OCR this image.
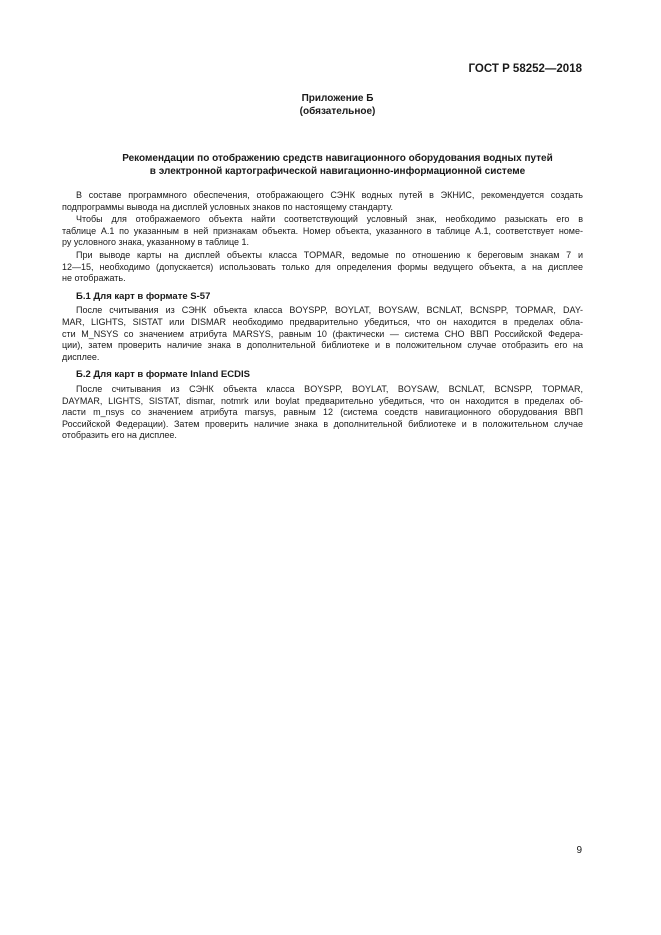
ГОСТ Р 58252—2018
Приложение Б
(обязательное)
Рекомендации по отображению средств навигационного оборудования водных путей
в электронной картографической навигационно-информационной системе
В составе программного обеспечения, отображающего СЭНК водных путей в ЭКНИС, рекомендуется создать
подпрограммы вывода на дисплей условных знаков по настоящему стандарту.
Чтобы для отображаемого объекта найти соответствующий условный знак, необходимо разыскать его в
таблице А.1 по указанным в ней признакам объекта. Номер объекта, указанного в таблице А.1, соответствует номе-
ру условного знака, указанному в таблице 1.
При выводе карты на дисплей объекты класса TOPMAR, ведомые по отношению к береговым знакам 7 и
12—15, необходимо (допускается) использовать только для определения формы ведущего объекта, а на дисплее
не отображать.
Б.1 Для карт в формате S-57
После считывания из СЭНК объекта класса BOYSPP, BOYLAT, BOYSAW, BCNLAT, BCNSPP, TOPMAR, DAY-
MAR, LIGHTS, SISTAT или DISMAR необходимо предварительно убедиться, что он находится в пределах обла-
сти M_NSYS со значением атрибута MARSYS, равным 10 (фактически — система СНО ВВП Российской Федера-
ции), затем проверить наличие знака в дополнительной библиотеке и в положительном случае отобразить его на
дисплее.
Б.2 Для карт в формате Inland ECDIS
После считывания из СЭНК объекта класса BOYSPP, BOYLAT, BOYSAW, BCNLAT, BCNSPP, TOPMAR,
DAYMAR, LIGHTS, SISTAT, dismar, notmrk или boylat предварительно убедиться, что он находится в пределах об-
ласти m_nsys со значением атрибута marsys, равным 12 (система соедств навигационного оборудования ВВП
Российской Федерации). Затем проверить наличие знака в дополнительной библиотеке и в положительном случае
отобразить его на дисплее.
9
